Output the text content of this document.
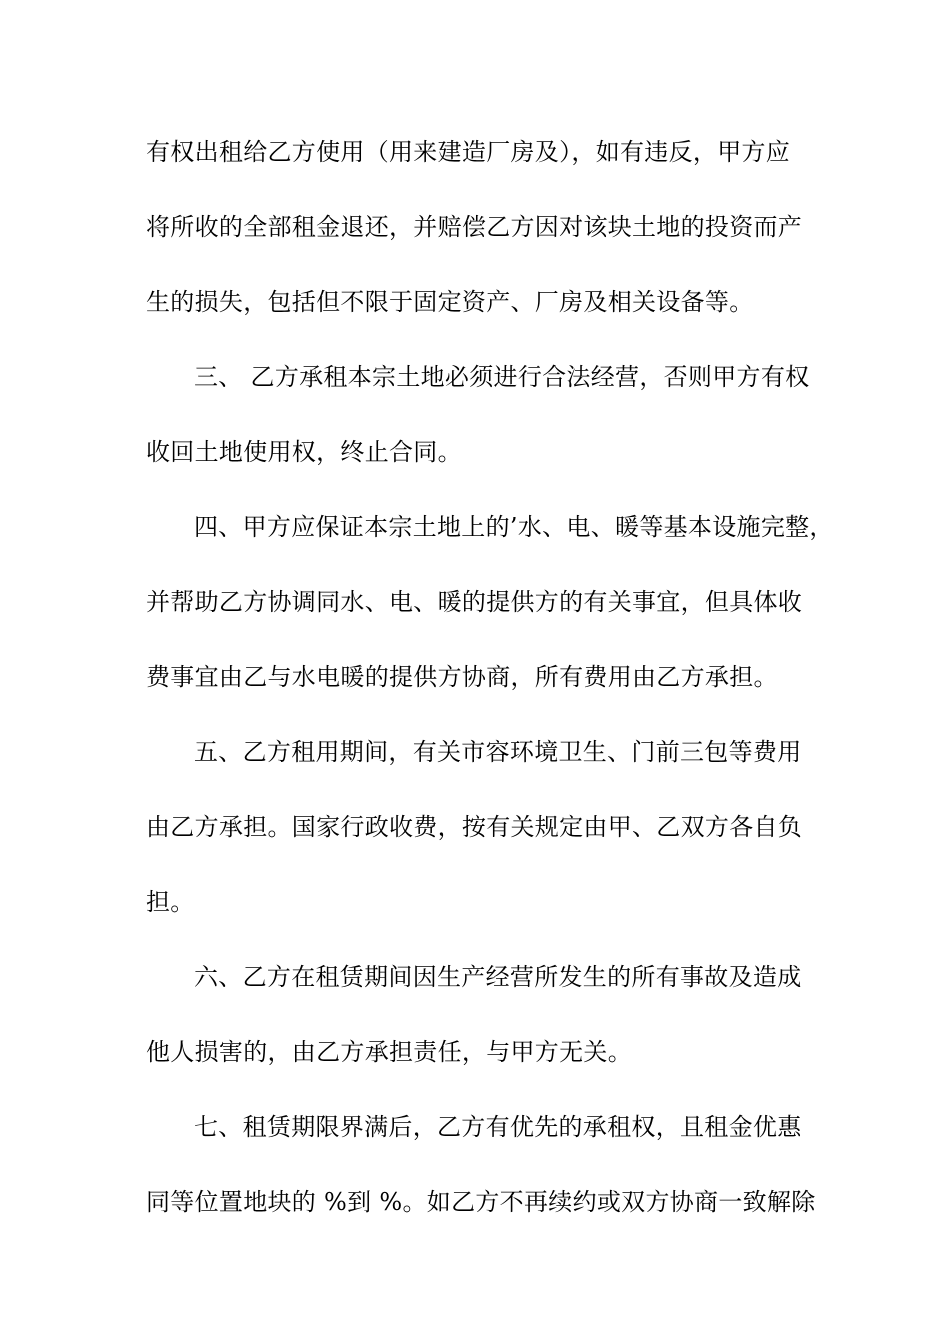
有权出租给乙方使用（用来建造厂房及），如有违反，甲方应
将所收的全部租金退还，并赔偿乙方因对该块土地的投资而产
生的损失，包括但不限于固定资产、厂房及相关设备等。
三、 乙方承租本宗土地必须进行合法经营，否则甲方有权
收回土地使用权，终止合同。
四、甲方应保证本宗土地上的’水、电、暖等基本设施完整，
并帮助乙方协调同水、电、暖的提供方的有关事宜，但具体收
费事宜由乙与水电暖的提供方协商，所有费用由乙方承担。
五、乙方租用期间，有关市容环境卫生、门前三包等费用
由乙方承担。国家行政收费，按有关规定由甲、乙双方各自负
担。
六、乙方在租赁期间因生产经营所发生的所有事故及造成
他人损害的，由乙方承担责任，与甲方无关。
七、租赁期限界满后，乙方有优先的承租权，且租金优惠
同等位置地块的 %到 %。如乙方不再续约或双方协商一致解除
